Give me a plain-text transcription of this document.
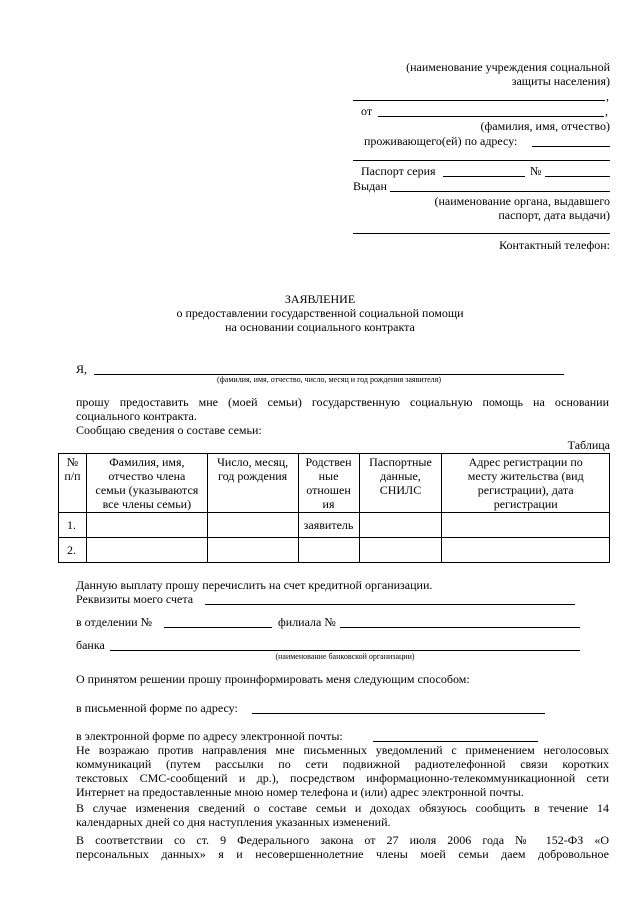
(наименование учреждения социальной
защиты населения)
,
от	,
(фамилия, имя, отчество)
проживающего(ей) по адресу:
Паспорт серия	№
Выдан
(наименование органа, выдавшего
паспорт, дата выдачи)
Контактный телефон:
ЗАЯВЛЕНИЕ
о предоставлении государственной социальной помощи
на основании социального контракта
Я,
(фамилия, имя, отчество, число, месяц и год рождения заявителя)
прошу предоставить мне (моей семьи) государственную социальную помощь на основании
социального контракта.
Сообщаю сведения о составе семьи:
Таблица
№
п/п	Фамилия, имя,
отчество члена
семьи (указываются
все члены семьи)	Число, месяц,
год рождения	Родствен
ные
отношен
ия	Паспортные
данные,
СНИЛС	Адрес регистрации по
месту жительства (вид
регистрации), дата
регистрации
1.			заявитель		
2.					
Данную выплату прошу перечислить на счет кредитной организации.
Реквизиты моего счета
в отделении №	филиала №
банка
(наименование банковской организации)
О принятом решении прошу проинформировать меня следующим способом:
в письменной форме по адресу:
в электронной форме по адресу электронной почты:
Не возражаю против направления мне письменных уведомлений с применением неголосовых
коммуникаций (путем рассылки по сети подвижной радиотелефонной связи коротких
текстовых СМС-сообщений и др.), посредством информационно-телекоммуникационной сети
Интернет на предоставленные мною номер телефона и (или) адрес электронной почты.
В случае изменения сведений о составе семьи и доходах обязуюсь сообщить в течение 14
календарных дней со дня наступления указанных изменений.
В соответствии со ст. 9 Федерального закона от 27 июля 2006 года № 152-ФЗ «О
персональных данных» я и несовершеннолетние члены моей семьи даем добровольное
